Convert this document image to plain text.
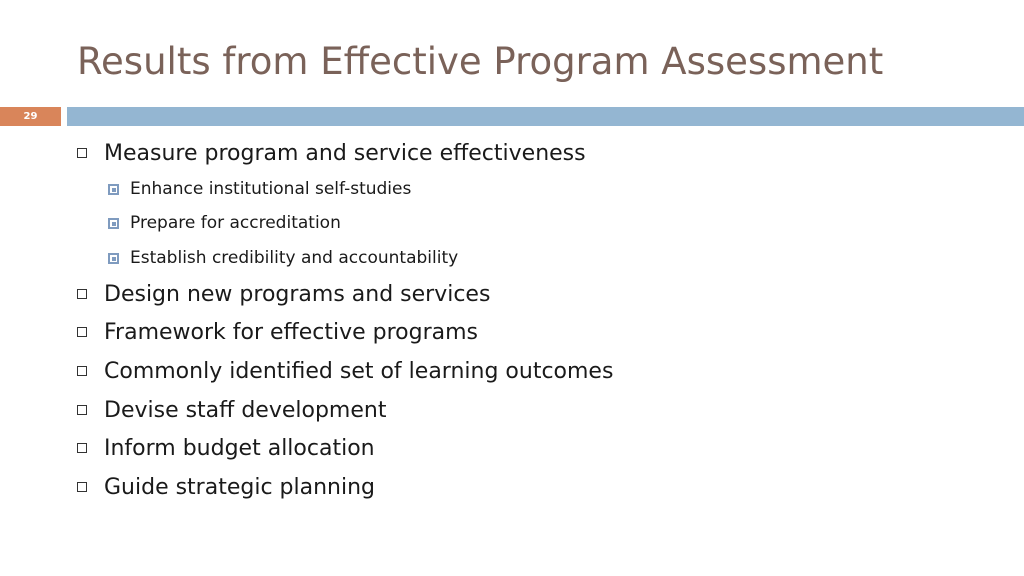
Results from Effective Program Assessment
29
Measure program and service effectiveness
Enhance institutional self-studies
Prepare for accreditation
Establish credibility and accountability
Design new programs and services
Framework for effective programs
Commonly identified set of learning outcomes
Devise staff development
Inform budget allocation
Guide strategic planning
